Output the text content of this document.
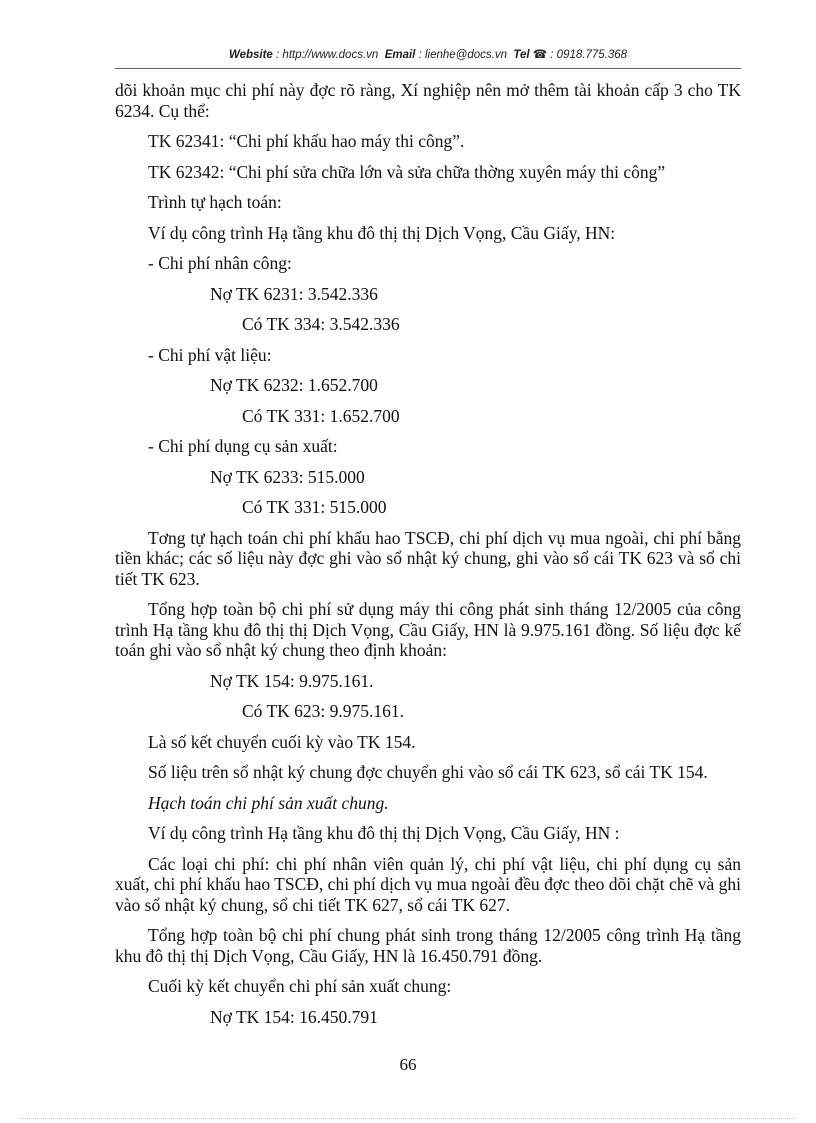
Website : http://www.docs.vn Email : lienhe@docs.vn Tel ☎ : 0918.775.368

dõi khoản mục chi phí này đợc rõ ràng, Xí nghiệp nên mở thêm tài khoản cấp 3 cho TK 6234. Cụ thể:

TK 62341: “Chi phí khấu hao máy thi công”.

TK 62342: “Chi phí sửa chữa lớn và sửa chữa thờng xuyên máy thi công”

Trình tự hạch toán:

Ví dụ công trình Hạ tầng khu đô thị thị Dịch Vọng, Cầu Giấy, HN:

- Chi phí nhân công:

Nợ TK 6231: 3.542.336

Có TK 334: 3.542.336

- Chi phí vật liệu:

Nợ TK 6232: 1.652.700

Có TK 331: 1.652.700

- Chi phí dụng cụ sản xuất:

Nợ TK 6233: 515.000

Có TK 331: 515.000

Tơng tự hạch toán chi phí khấu hao TSCĐ, chi phí dịch vụ mua ngoài, chi phí bằng tiền khác; các số liệu này đợc ghi vào sổ nhật ký chung, ghi vào sổ cái TK 623 và sổ chi tiết TK 623.

Tổng hợp toàn bộ chi phí sử dụng máy thi công phát sinh tháng 12/2005 của công trình Hạ tầng khu đô thị thị Dịch Vọng, Cầu Giấy, HN là 9.975.161 đồng. Số liệu đợc kế toán ghi vào sổ nhật ký chung theo định khoản:

Nợ TK 154: 9.975.161.

Có TK 623: 9.975.161.

Là số kết chuyển cuối kỳ vào TK 154.

Số liệu trên sổ nhật ký chung đợc chuyển ghi vào sổ cái TK 623, sổ cái TK 154.

Hạch toán chi phí sản xuất chung.

Ví dụ công trình Hạ tầng khu đô thị thị Dịch Vọng, Cầu Giấy, HN :

Các loại chi phí: chi phí nhân viên quản lý, chi phí vật liệu, chi phí dụng cụ sản xuất, chi phí khấu hao TSCĐ, chi phí dịch vụ mua ngoài đều đợc theo dõi chặt chẽ và ghi vào sổ nhật ký chung, sổ chi tiết TK 627, sổ cái TK 627.

Tổng hợp toàn bộ chi phí chung phát sinh trong tháng 12/2005 công trình Hạ tầng khu đô thị thị Dịch Vọng, Cầu Giấy, HN là 16.450.791 đồng.

Cuối kỳ kết chuyển chi phí sản xuất chung:

Nợ TK 154: 16.450.791

66
